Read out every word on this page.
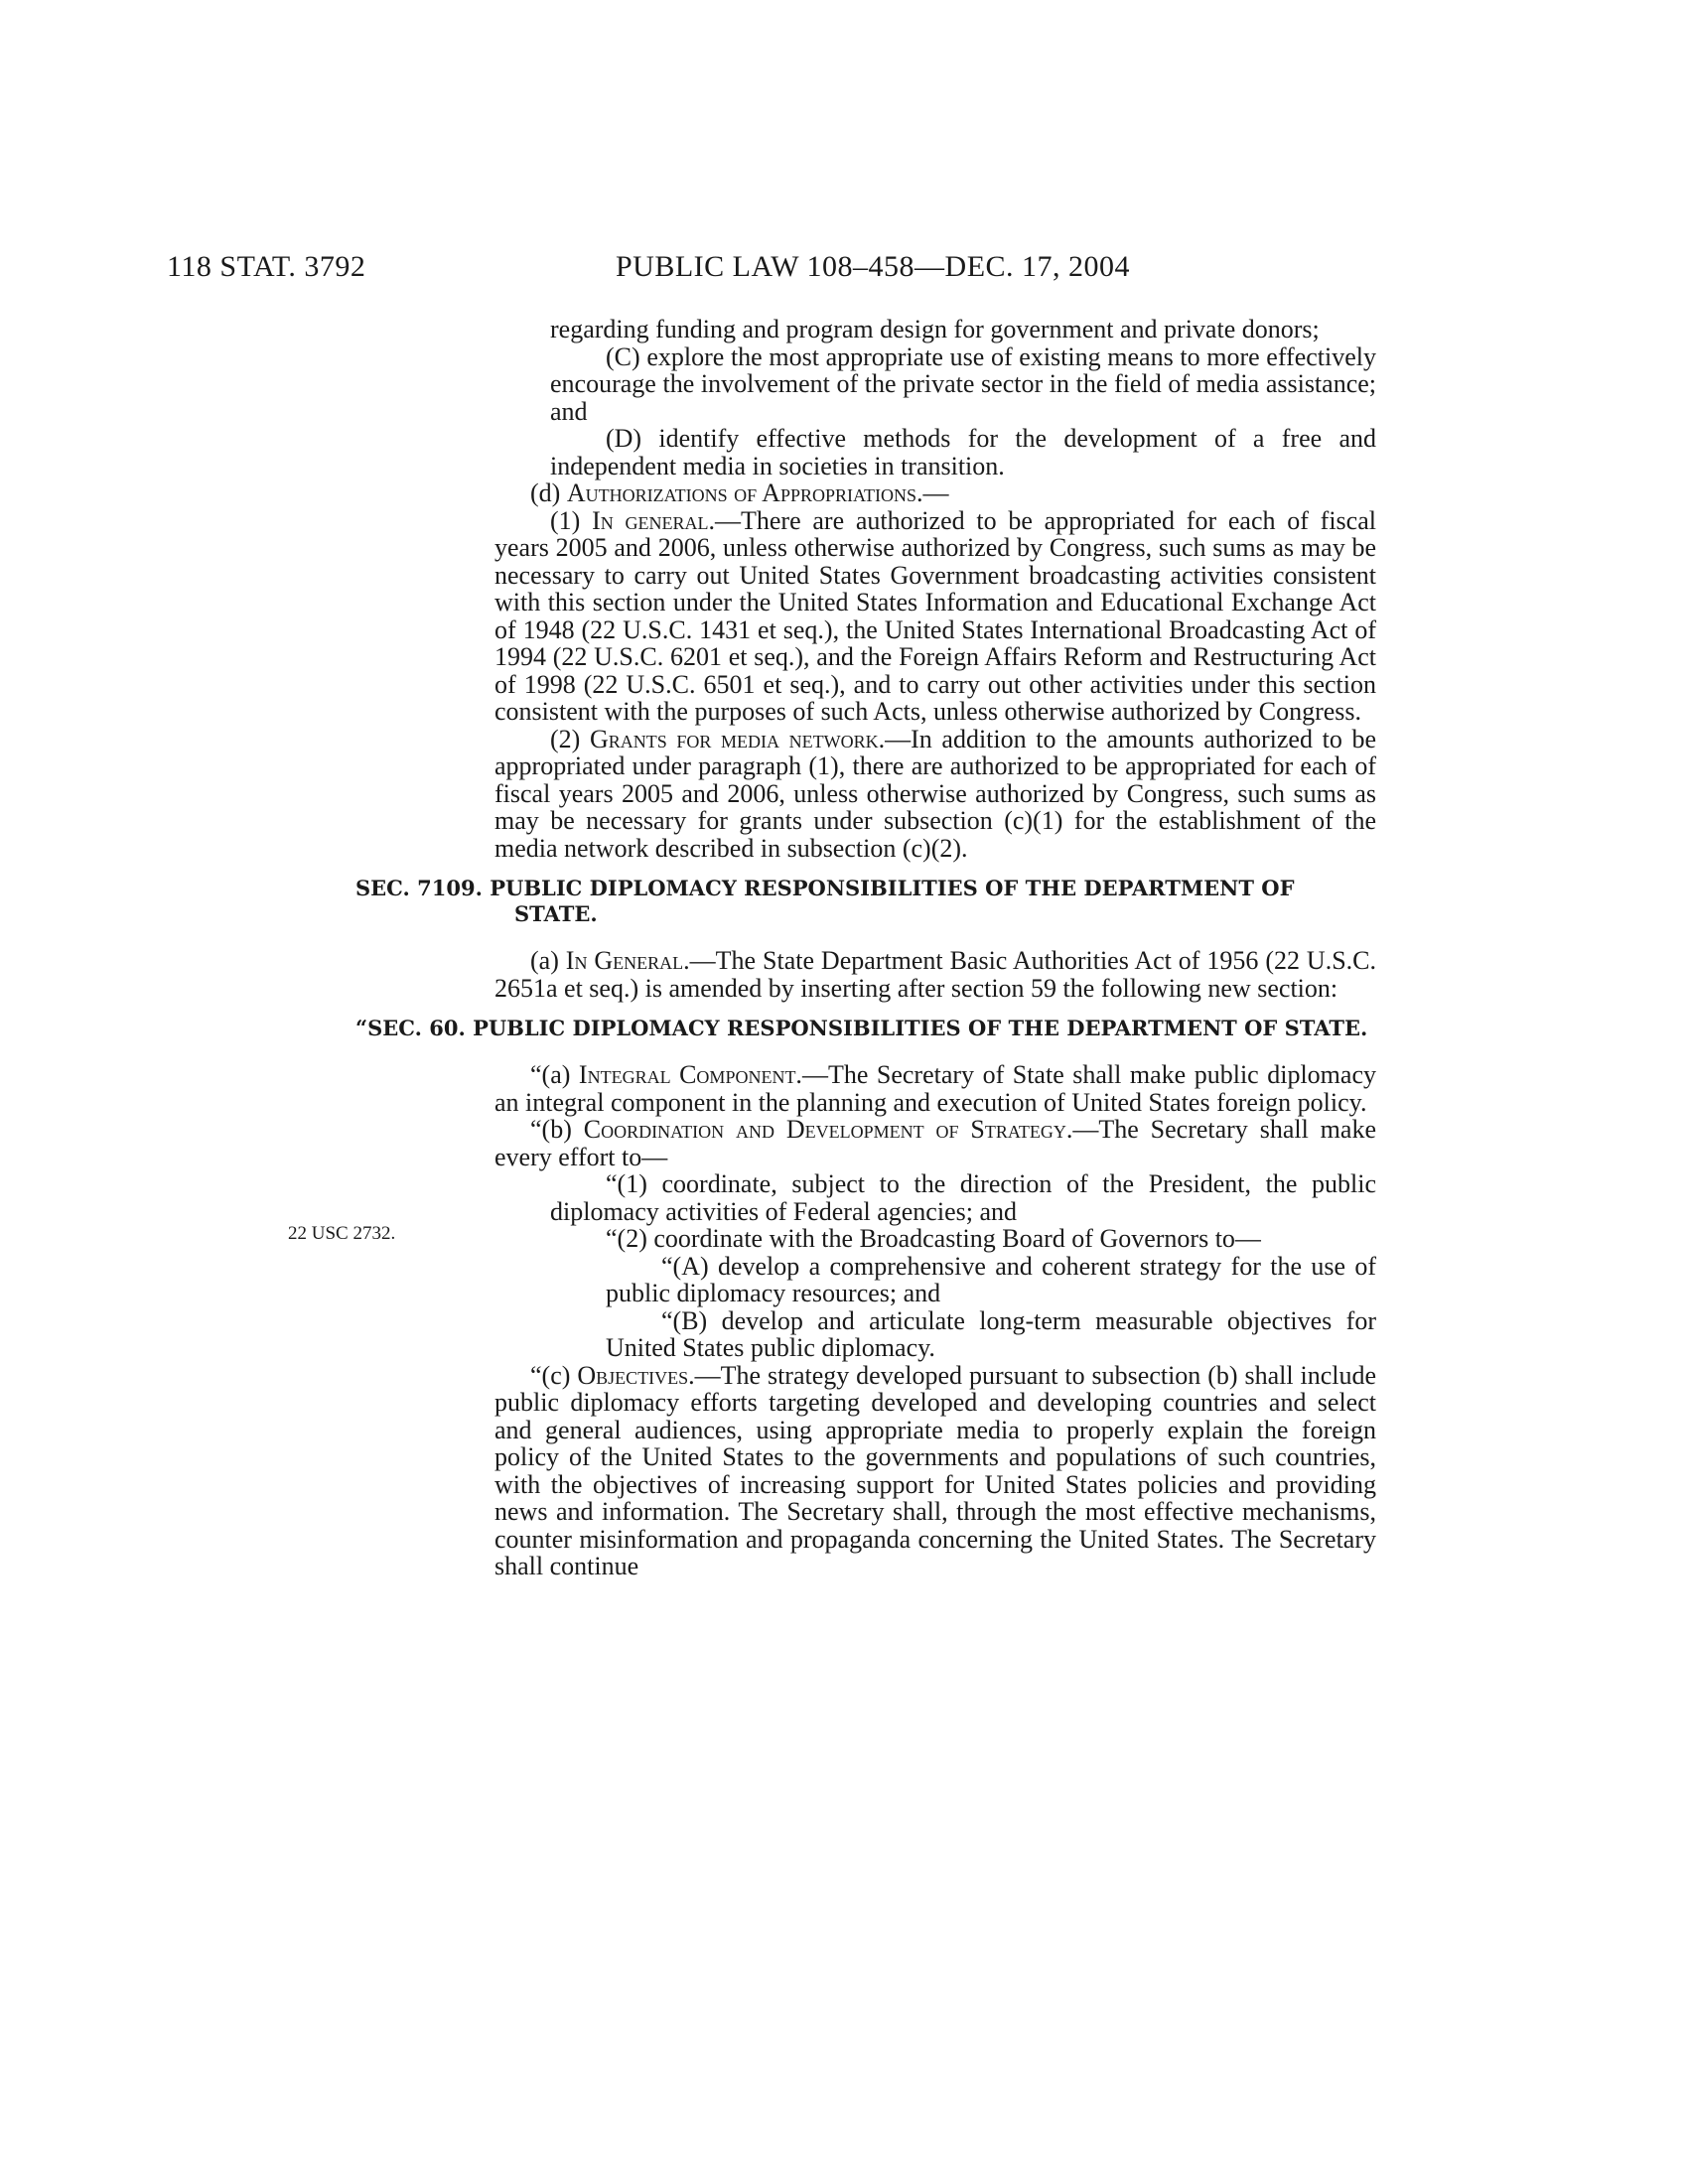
118 STAT. 3792	PUBLIC LAW 108–458—DEC. 17, 2004
22 USC 2732.

regarding funding and program design for government and private donors;

(C) explore the most appropriate use of existing means to more effectively encourage the involvement of the private sector in the field of media assistance; and

(D) identify effective methods for the development of a free and independent media in societies in transition.

(d) Authorizations of Appropriations.—

(1) In general.—There are authorized to be appropriated for each of fiscal years 2005 and 2006, unless otherwise authorized by Congress, such sums as may be necessary to carry out United States Government broadcasting activities consistent with this section under the United States Information and Educational Exchange Act of 1948 (22 U.S.C. 1431 et seq.), the United States International Broadcasting Act of 1994 (22 U.S.C. 6201 et seq.), and the Foreign Affairs Reform and Restructuring Act of 1998 (22 U.S.C. 6501 et seq.), and to carry out other activities under this section consistent with the purposes of such Acts, unless otherwise authorized by Congress.

(2) Grants for media network.—In addition to the amounts authorized to be appropriated under paragraph (1), there are authorized to be appropriated for each of fiscal years 2005 and 2006, unless otherwise authorized by Congress, such sums as may be necessary for grants under subsection (c)(1) for the establishment of the media network described in subsection (c)(2).

SEC. 7109. PUBLIC DIPLOMACY RESPONSIBILITIES OF THE DEPARTMENT OF STATE.

(a) In General.—The State Department Basic Authorities Act of 1956 (22 U.S.C. 2651a et seq.) is amended by inserting after section 59 the following new section:

“SEC. 60. PUBLIC DIPLOMACY RESPONSIBILITIES OF THE DEPARTMENT OF STATE.

“(a) Integral Component.—The Secretary of State shall make public diplomacy an integral component in the planning and execution of United States foreign policy.

“(b) Coordination and Development of Strategy.—The Secretary shall make every effort to—

“(1) coordinate, subject to the direction of the President, the public diplomacy activities of Federal agencies; and

“(2) coordinate with the Broadcasting Board of Governors to—

“(A) develop a comprehensive and coherent strategy for the use of public diplomacy resources; and

“(B) develop and articulate long-term measurable objectives for United States public diplomacy.

“(c) Objectives.—The strategy developed pursuant to subsection (b) shall include public diplomacy efforts targeting developed and developing countries and select and general audiences, using appropriate media to properly explain the foreign policy of the United States to the governments and populations of such countries, with the objectives of increasing support for United States policies and providing news and information. The Secretary shall, through the most effective mechanisms, counter misinformation and propaganda concerning the United States. The Secretary shall continue
